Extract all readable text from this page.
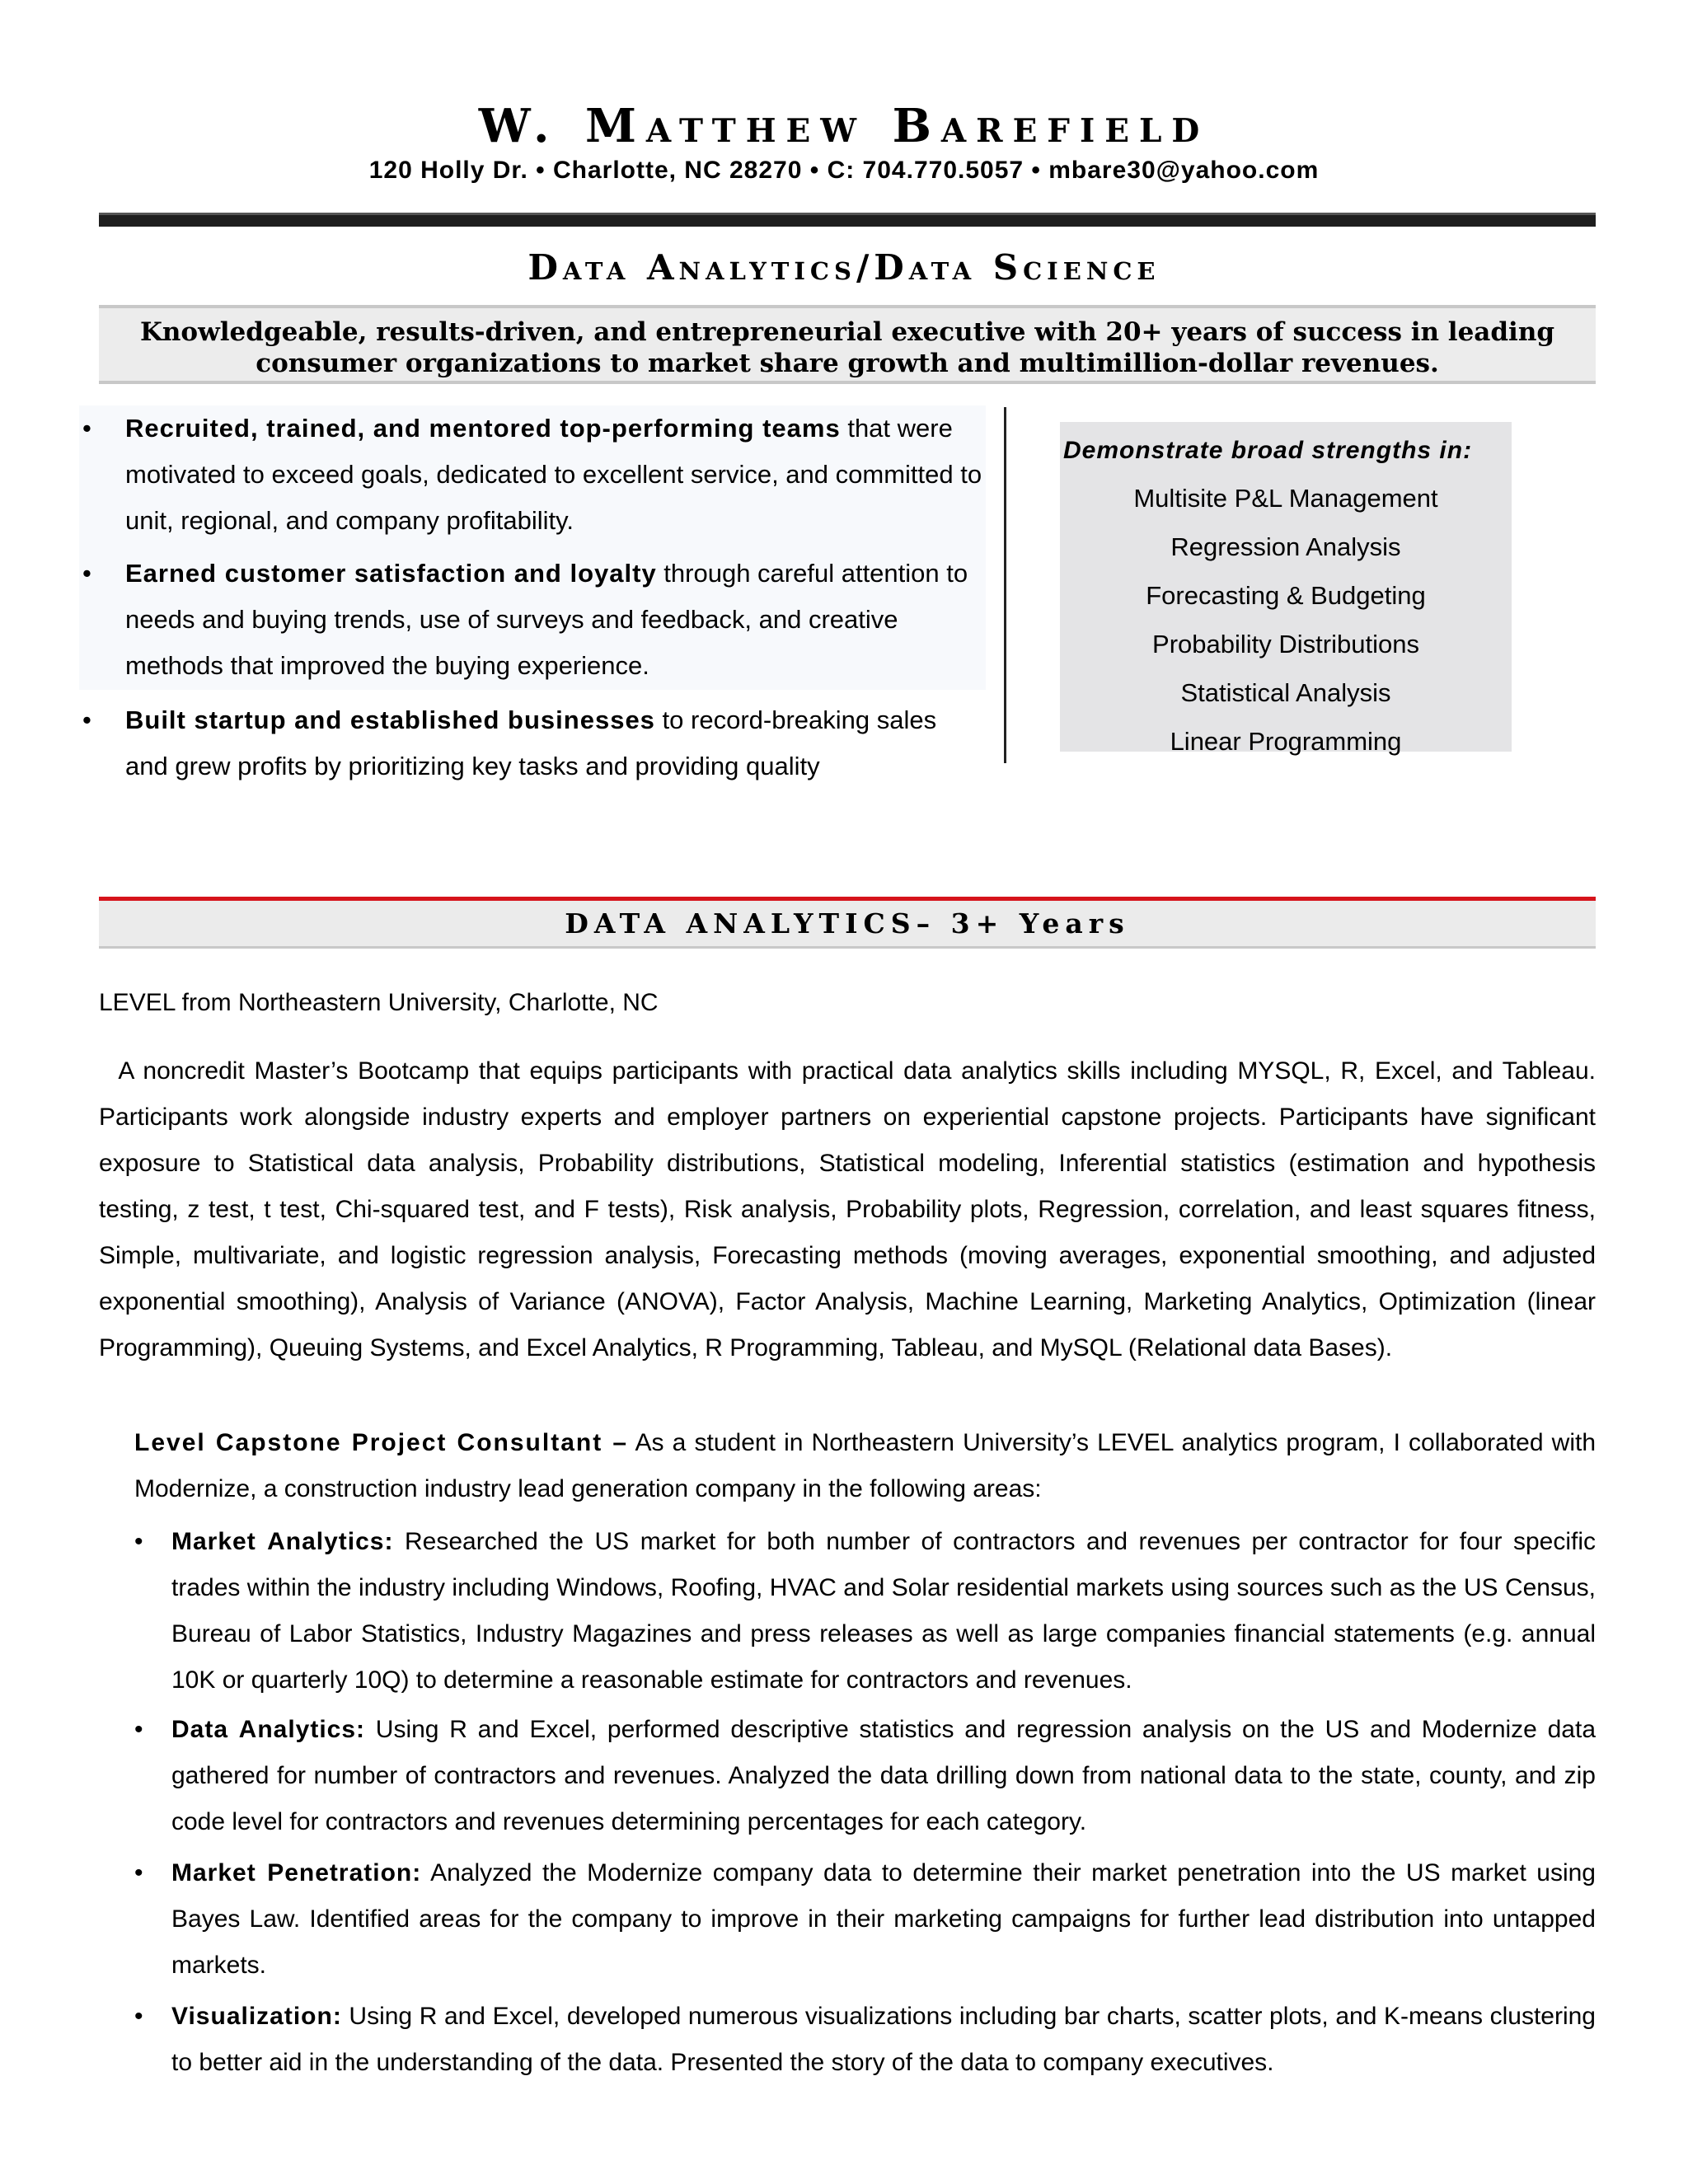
W. Matthew Barefield
120 Holly Dr. • Charlotte, NC 28270 • C: 704.770.5057 • mbare30@yahoo.com
Data Analytics/Data Science
Knowledgeable, results-driven, and entrepreneurial executive with 20+ years of success in leading
consumer organizations to market share growth and multimillion-dollar revenues.
• Recruited, trained, and mentored top-performing teams that were motivated to exceed goals, dedicated to excellent service, and committed to unit, regional, and company profitability.
• Earned customer satisfaction and loyalty through careful attention to needs and buying trends, use of surveys and feedback, and creative methods that improved the buying experience.
• Built startup and established businesses to record-breaking sales and grew profits by prioritizing key tasks and providing quality
Demonstrate broad strengths in:
Multisite P&L Management
Regression Analysis
Forecasting & Budgeting
Probability Distributions
Statistical Analysis
Linear Programming
DATA ANALYTICS– 3+ Years
LEVEL from Northeastern University, Charlotte, NC
A noncredit Master’s Bootcamp that equips participants with practical data analytics skills including MYSQL, R, Excel, and Tableau. Participants work alongside industry experts and employer partners on experiential capstone projects. Participants have significant exposure to Statistical data analysis, Probability distributions, Statistical modeling, Inferential statistics (estimation and hypothesis testing, z test, t test, Chi-squared test, and F tests), Risk analysis, Probability plots, Regression, correlation, and least squares fitness, Simple, multivariate, and logistic regression analysis, Forecasting methods (moving averages, exponential smoothing, and adjusted exponential smoothing), Analysis of Variance (ANOVA), Factor Analysis, Machine Learning, Marketing Analytics, Optimization (linear Programming), Queuing Systems, and Excel Analytics, R Programming, Tableau, and MySQL (Relational data Bases).
Level Capstone Project Consultant – As a student in Northeastern University’s LEVEL analytics program, I collaborated with Modernize, a construction industry lead generation company in the following areas:
• Market Analytics: Researched the US market for both number of contractors and revenues per contractor for four specific trades within the industry including Windows, Roofing, HVAC and Solar residential markets using sources such as the US Census, Bureau of Labor Statistics, Industry Magazines and press releases as well as large companies financial statements (e.g. annual 10K or quarterly 10Q) to determine a reasonable estimate for contractors and revenues.
• Data Analytics: Using R and Excel, performed descriptive statistics and regression analysis on the US and Modernize data gathered for number of contractors and revenues. Analyzed the data drilling down from national data to the state, county, and zip code level for contractors and revenues determining percentages for each category.
• Market Penetration: Analyzed the Modernize company data to determine their market penetration into the US market using Bayes Law. Identified areas for the company to improve in their marketing campaigns for further lead distribution into untapped markets.
• Visualization: Using R and Excel, developed numerous visualizations including bar charts, scatter plots, and K-means clustering to better aid in the understanding of the data. Presented the story of the data to company executives.
